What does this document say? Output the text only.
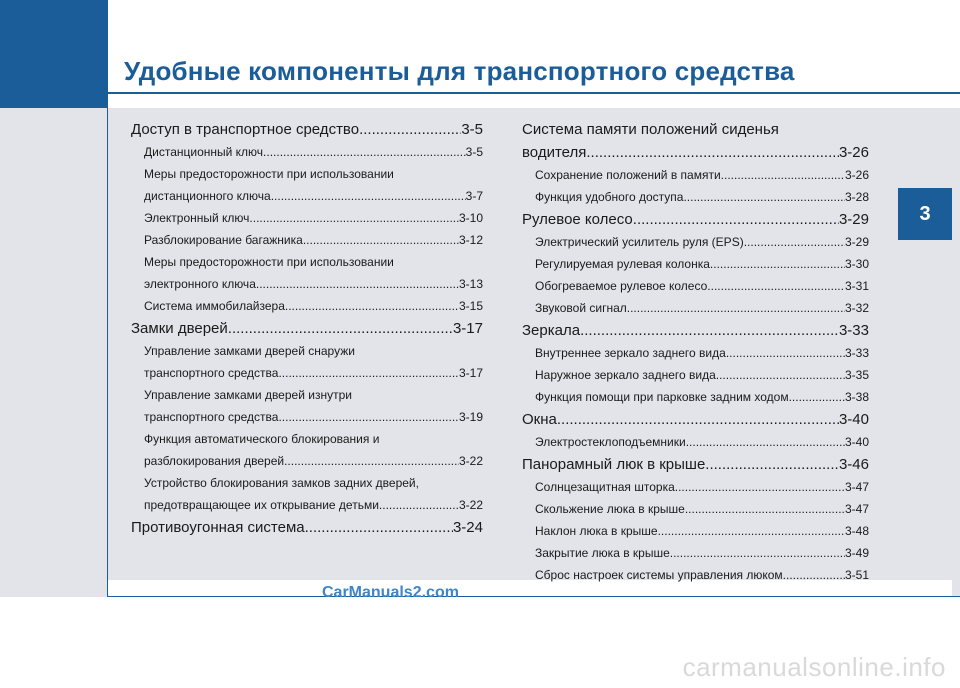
Удобные компоненты для транспортного средства
3
Доступ в транспортное средство .....	3-5
Дистанционный ключ .....	3-5
Меры предосторожности при использовании
дистанционного ключа .....	3-7
Электронный ключ .....	3-10
Разблокирование багажника .....	3-12
Меры предосторожности при использовании
электронного ключа .....	3-13
Система иммобилайзера .....	3-15
Замки дверей .....	3-17
Управление замками дверей снаружи
транспортного средства .....	3-17
Управление замками дверей изнутри
транспортного средства .....	3-19
Функция автоматического блокирования и
разблокирования дверей .....	3-22
Устройство блокирования замков задних дверей,
предотвращающее их открывание детьми .....	3-22
Противоугонная система .....	3-24
Система памяти положений сиденья
водителя .....	3-26
Сохранение положений в памяти .....	3-26
Функция удобного доступа .....	3-28
Рулевое колесо .....	3-29
Электрический усилитель руля (EPS) .....	3-29
Регулируемая рулевая колонка .....	3-30
Обогреваемое рулевое колесо .....	3-31
Звуковой сигнал .....	3-32
Зеркала .....	3-33
Внутреннее зеркало заднего вида .....	3-33
Наружное зеркало заднего вида .....	3-35
Функция помощи при парковке задним ходом .....	3-38
Окна .....	3-40
Электростеклоподъемники .....	3-40
Панорамный люк в крыше .....	3-46
Солнцезащитная шторка .....	3-47
Скольжение люка в крыше .....	3-47
Наклон люка в крыше .....	3-48
Закрытие люка в крыше .....	3-49
Сброс настроек системы управления люком .....	3-51
CarManuals2.com
carmanualsonline.info
